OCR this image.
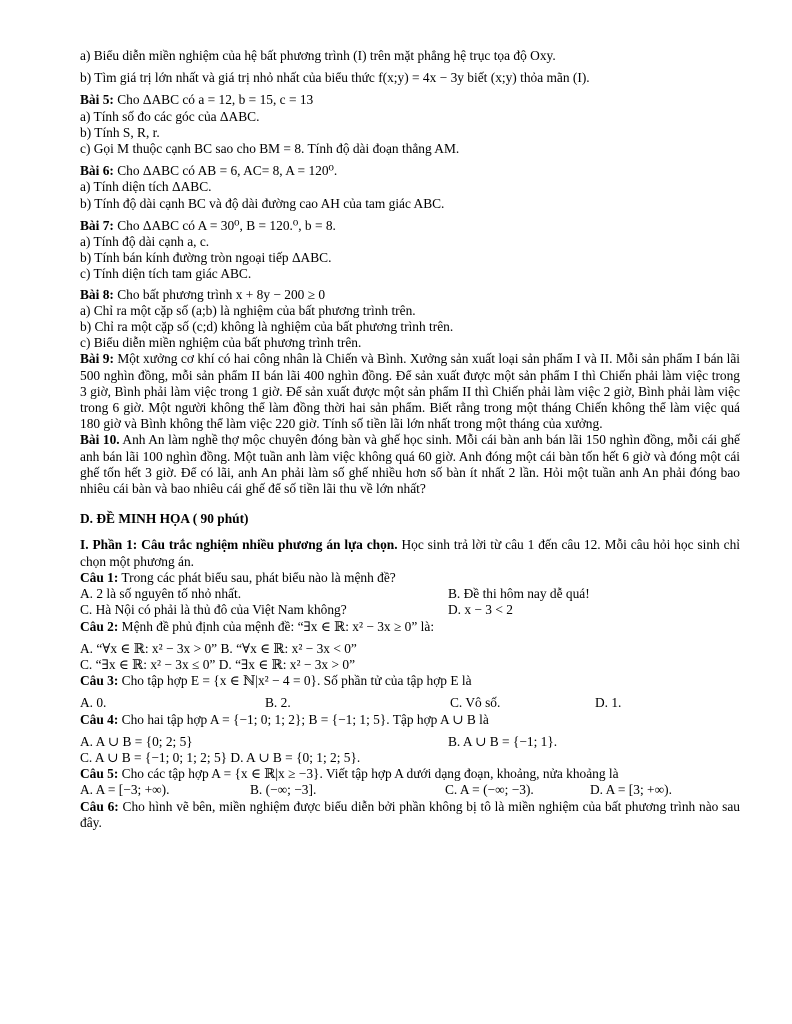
a) Biểu diễn miền nghiệm của hệ bất phương trình (I) trên mặt phẳng hệ trục tọa độ Oxy.
b) Tìm giá trị lớn nhất và giá trị nhỏ nhất của biểu thức f(x;y) = 4x − 3y biết (x;y) thỏa mãn (I).
Bài 5: Cho ΔABC có a = 12, b = 15, c = 13
a) Tính số đo các góc của ΔABC.
b) Tính S, R, r.
c) Gọi M thuộc cạnh BC sao cho BM = 8. Tính độ dài đoạn thẳng AM.
Bài 6: Cho ΔABC có AB = 6, AC= 8, A = 120⁰.
a) Tính diện tích ΔABC.
b) Tính độ dài cạnh BC và độ dài đường cao AH của tam giác ABC.
Bài 7: Cho ΔABC có A = 30⁰, B = 120.⁰, b = 8.
a) Tính độ dài cạnh a, c.
b) Tính bán kính đường tròn ngoại tiếp ΔABC.
c) Tính diện tích tam giác ABC.
Bài 8: Cho bất phương trình x + 8y − 200 ≥ 0
a) Chỉ ra một cặp số (a;b) là nghiệm của bất phương trình trên.
b) Chỉ ra một cặp số (c;d) không là nghiệm của bất phương trình trên.
c) Biểu diễn miền nghiệm của bất phương trình trên.
Bài 9: Một xưởng cơ khí có hai công nhân là Chiến và Bình. Xưởng sản xuất loại sản phẩm I và II. Mỗi sản phẩm I bán lãi 500 nghìn đồng, mỗi sản phẩm II bán lãi 400 nghìn đồng. Để sản xuất được một sản phẩm I thì Chiến phải làm việc trong 3 giờ, Bình phải làm việc trong 1 giờ. Để sản xuất được một sản phẩm II thì Chiến phải làm việc 2 giờ, Bình phải làm việc trong 6 giờ. Một người không thể làm đồng thời hai sản phẩm. Biết rằng trong một tháng Chiến không thể làm việc quá 180 giờ và Bình không thể làm việc 220 giờ. Tính số tiền lãi lớn nhất trong một tháng của xưởng.
Bài 10. Anh An làm nghề thợ mộc chuyên đóng bàn và ghế học sinh. Mỗi cái bàn anh bán lãi 150 nghìn đồng, mỗi cái ghế anh bán lãi 100 nghìn đồng. Một tuần anh làm việc không quá 60 giờ. Anh đóng một cái bàn tốn hết 6 giờ và đóng một cái ghế tốn hết 3 giờ. Để có lãi, anh An phải làm số ghế nhiều hơn số bàn ít nhất 2 lần. Hỏi một tuần anh An phải đóng bao nhiêu cái bàn và bao nhiêu cái ghế để số tiền lãi thu về lớn nhất?
D. ĐỀ MINH HỌA ( 90 phút)
I. Phần 1: Câu trắc nghiệm nhiều phương án lựa chọn. Học sinh trả lời từ câu 1 đến câu 12. Mỗi câu hỏi học sinh chỉ chọn một phương án.
Câu 1: Trong các phát biểu sau, phát biểu nào là mệnh đề?
A. 2 là số nguyên tố nhỏ nhất.	B. Đề thi hôm nay dễ quá!
C. Hà Nội có phải là thủ đô của Việt Nam không?	D. x − 3 < 2
Câu 2: Mệnh đề phủ định của mệnh đề: “∃x ∈ ℝ: x² − 3x ≥ 0” là:
A. “∀x ∈ ℝ: x² − 3x > 0” B. “∀x ∈ ℝ: x² − 3x < 0”
C. “∃x ∈ ℝ: x² − 3x ≤ 0” D. “∃x ∈ ℝ: x² − 3x > 0”
Câu 3: Cho tập hợp E = {x ∈ ℕ|x² − 4 = 0}. Số phần tử của tập hợp E là
A. 0.	B. 2.	C. Vô số.	D. 1.
Câu 4: Cho hai tập hợp A = {−1; 0; 1; 2}; B = {−1; 1; 5}. Tập hợp A ∪ B là
A. A ∪ B = {0; 2; 5}	B. A ∪ B = {−1; 1}.
C. A ∪ B = {−1; 0; 1; 2; 5} D. A ∪ B = {0; 1; 2; 5}.
Câu 5: Cho các tập hợp A = {x ∈ ℝ|x ≥ −3}. Viết tập hợp A dưới dạng đoạn, khoảng, nửa khoảng là
A. A = [−3; +∞).	B. (−∞; −3].	C. A = (−∞; −3).	D. A = [3; +∞).
Câu 6: Cho hình vẽ bên, miền nghiệm được biểu diễn bởi phần không bị tô là miền nghiệm của bất phương trình nào sau đây.
